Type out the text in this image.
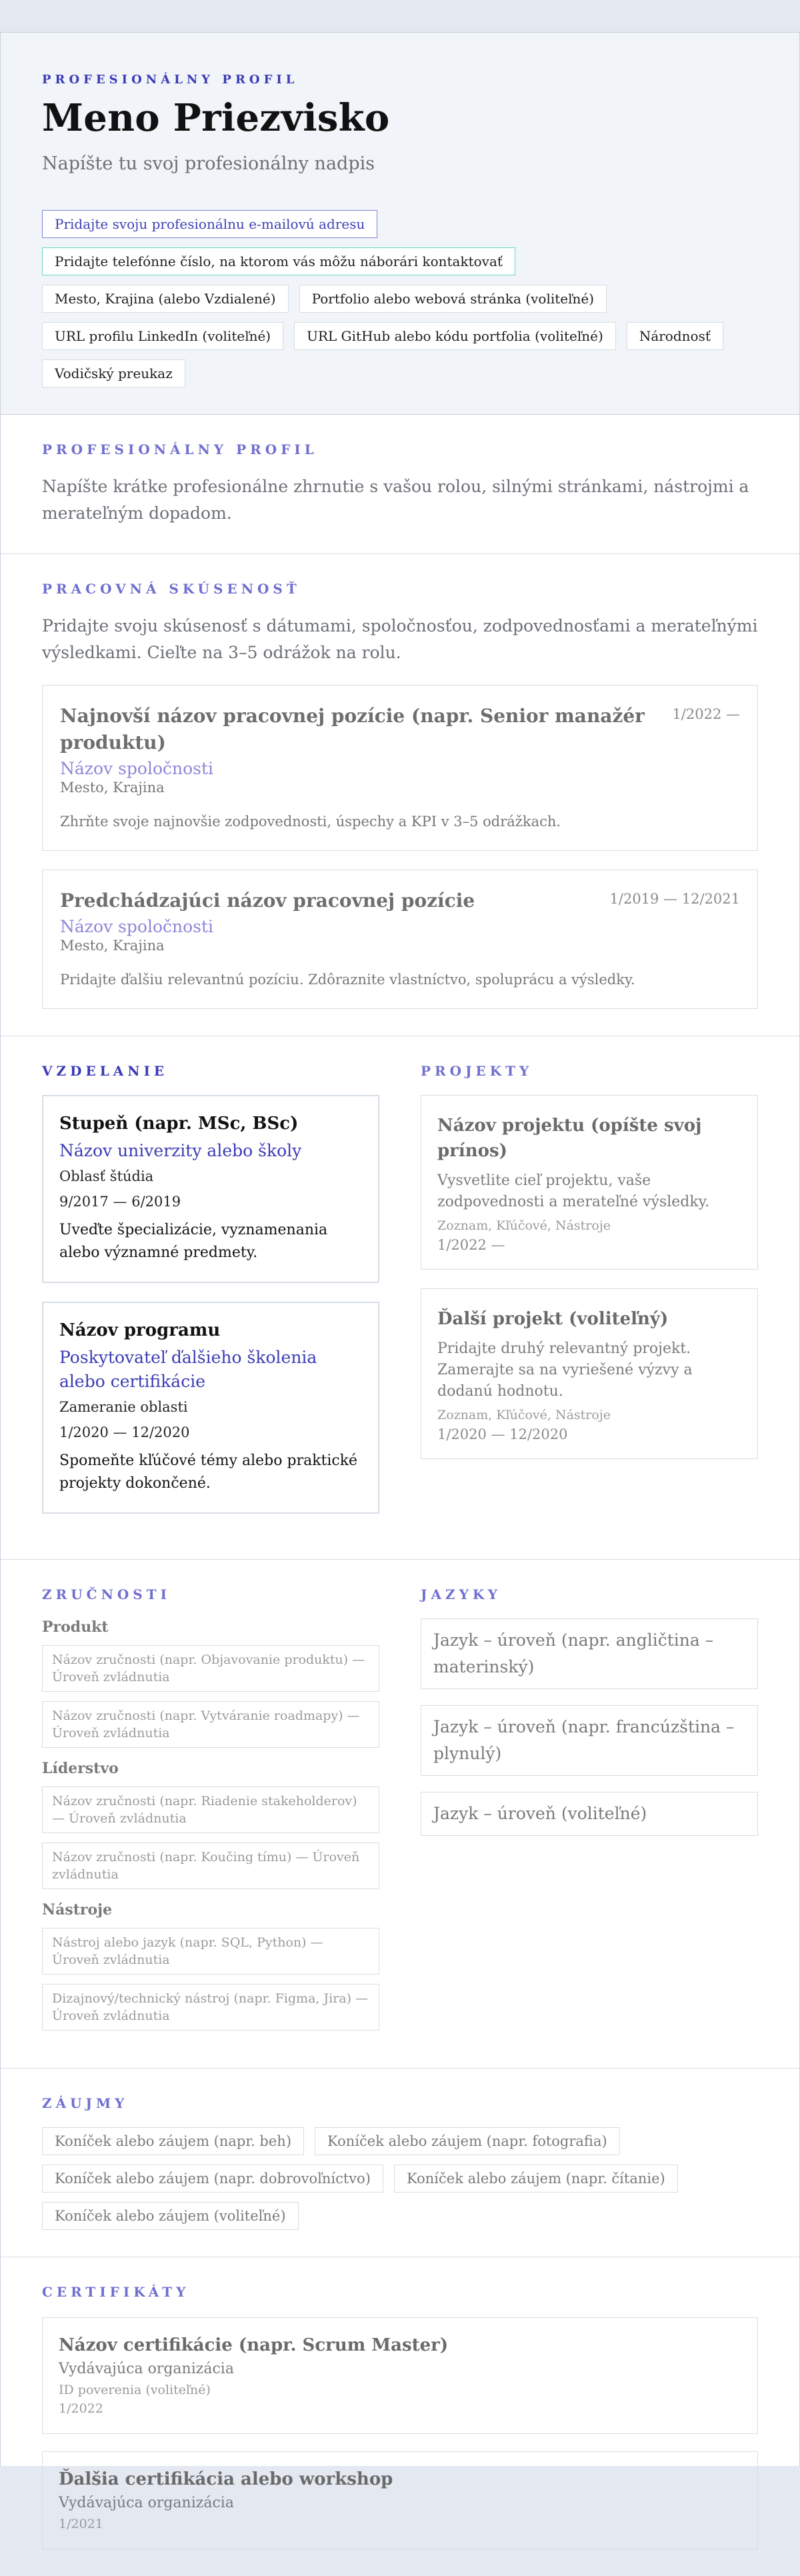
PROFESIONÁLNY PROFIL
Meno Priezvisko
Napíšte tu svoj profesionálny nadpis
Pridajte svoju profesionálnu e‑mailovú adresu
Pridajte telefónne číslo, na ktorom vás môžu náborári kontaktovať
Mesto, Krajina (alebo Vzdialené)	Portfolio alebo webová stránka (voliteľné)
URL profilu LinkedIn (voliteľné)	URL GitHub alebo kódu portfolia (voliteľné)	Národnosť
Vodičský preukaz
PROFESIONÁLNY PROFIL

Napíšte krátke profesionálne zhrnutie s vašou rolou, silnými stránkami, nástrojmi a merateľným dopadom.

PRACOVNÁ SKÚSENOSŤ

Pridajte svoju skúsenosť s dátumami, spoločnosťou, zodpovednosťami a merateľnými výsledkami. Cieľte na 3–5 odrážok na rolu.

Najnovší názov pracovnej pozície (napr. Senior manažér produktu)
1/2022 —
Názov spoločnosti
Mesto, Krajina

Zhrňte svoje najnovšie zodpovednosti, úspechy a KPI v 3–5 odrážkach.

Predchádzajúci názov pracovnej pozície	1/2019 — 12/2021
Názov spoločnosti
Mesto, Krajina

Pridajte ďalšiu relevantnú pozíciu. Zdôraznite vlastníctvo, spoluprácu a výsledky.

VZDELANIE
Stupeň (napr. MSc, BSc)
Názov univerzity alebo školy
Oblasť štúdia
9/2017 — 6/2019

Uveďte špecializácie, vyznamenania alebo významné predmety.

Názov programu
Poskytovateľ ďalšieho školenia alebo certifikácie
Zameranie oblasti
1/2020 — 12/2020

Spomeňte kľúčové témy alebo praktické projekty dokončené.

PROJEKTY
Názov projektu (opíšte svoj prínos)

Vysvetlite cieľ projektu, vaše zodpovednosti a merateľné výsledky.

Zoznam, Kľúčové, Nástroje
1/2022 —
Ďalší projekt (voliteľný)

Pridajte druhý relevantný projekt. Zamerajte sa na vyriešené výzvy a dodanú hodnotu.

Zoznam, Kľúčové, Nástroje
1/2020 — 12/2020
ZRUČNOSTI
Produkt
Názov zručnosti (napr. Objavovanie produktu) — Úroveň zvládnutia
Názov zručnosti (napr. Vytváranie roadmapy) — Úroveň zvládnutia
Líderstvo
Názov zručnosti (napr. Riadenie stakeholderov) — Úroveň zvládnutia
Názov zručnosti (napr. Koučing tímu) — Úroveň zvládnutia
Nástroje
Nástroj alebo jazyk (napr. SQL, Python) — Úroveň zvládnutia
Dizajnový/technický nástroj (napr. Figma, Jira) — Úroveň zvládnutia
JAZYKY
Jazyk – úroveň (napr. angličtina – materinský)
Jazyk – úroveň (napr. francúzština – plynulý)
Jazyk – úroveň (voliteľné)
ZÁUJMY
Koníček alebo záujem (napr. beh)	Koníček alebo záujem (napr. fotografia)
Koníček alebo záujem (napr. dobrovoľníctvo)	Koníček alebo záujem (napr. čítanie)
Koníček alebo záujem (voliteľné)
CERTIFIKÁTY
Názov certifikácie (napr. Scrum Master)
Vydávajúca organizácia
ID poverenia (voliteľné)
1/2022
Ďalšia certifikácia alebo workshop
Vydávajúca organizácia
1/2021
